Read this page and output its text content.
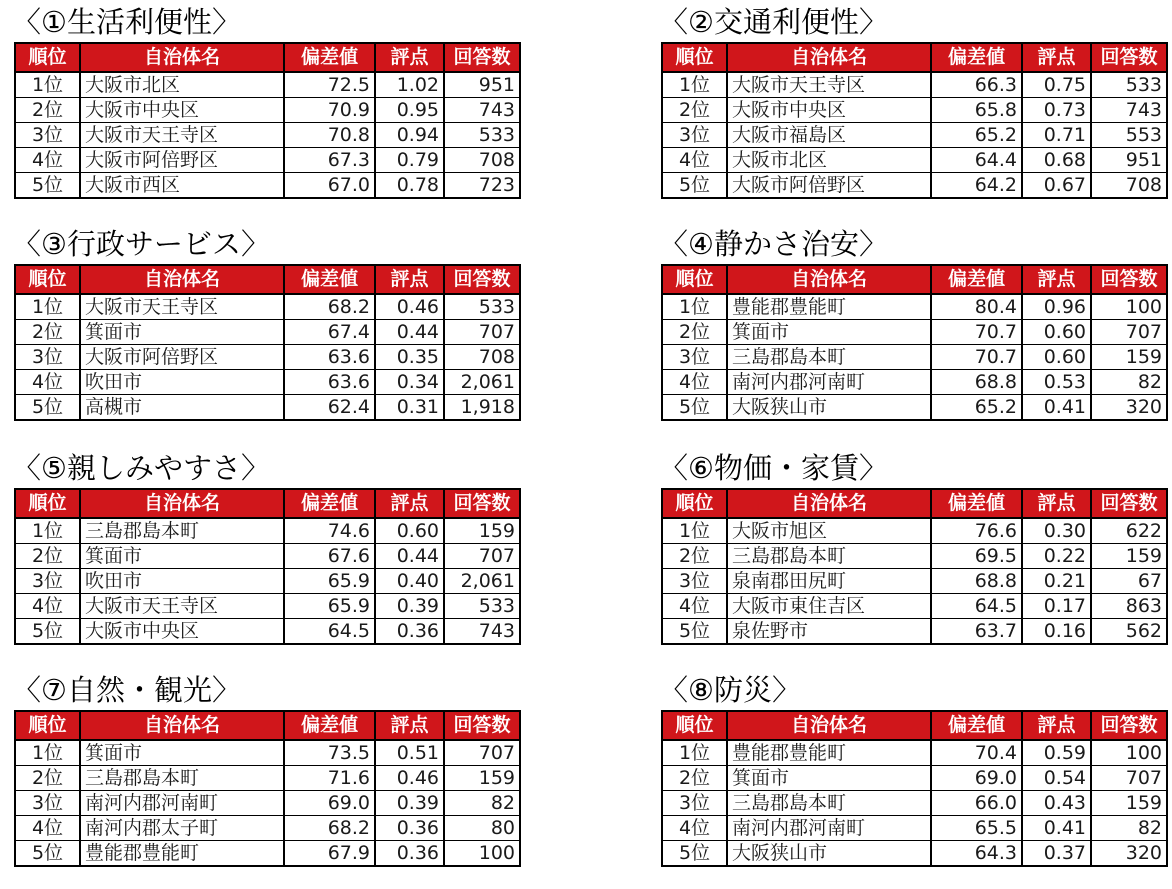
〈①生活利便性〉
順位	自治体名	偏差値	評点	回答数
1位	大阪市北区	72.5	1.02	951
2位	大阪市中央区	70.9	0.95	743
3位	大阪市天王寺区	70.8	0.94	533
4位	大阪市阿倍野区	67.3	0.79	708
5位	大阪市西区	67.0	0.78	723
〈②交通利便性〉
順位	自治体名	偏差値	評点	回答数
1位	大阪市天王寺区	66.3	0.75	533
2位	大阪市中央区	65.8	0.73	743
3位	大阪市福島区	65.2	0.71	553
4位	大阪市北区	64.4	0.68	951
5位	大阪市阿倍野区	64.2	0.67	708
〈③行政サービス〉
順位	自治体名	偏差値	評点	回答数
1位	大阪市天王寺区	68.2	0.46	533
2位	箕面市	67.4	0.44	707
3位	大阪市阿倍野区	63.6	0.35	708
4位	吹田市	63.6	0.34	2,061
5位	高槻市	62.4	0.31	1,918
〈④静かさ治安〉
順位	自治体名	偏差値	評点	回答数
1位	豊能郡豊能町	80.4	0.96	100
2位	箕面市	70.7	0.60	707
3位	三島郡島本町	70.7	0.60	159
4位	南河内郡河南町	68.8	0.53	82
5位	大阪狭山市	65.2	0.41	320
〈⑤親しみやすさ〉
順位	自治体名	偏差値	評点	回答数
1位	三島郡島本町	74.6	0.60	159
2位	箕面市	67.6	0.44	707
3位	吹田市	65.9	0.40	2,061
4位	大阪市天王寺区	65.9	0.39	533
5位	大阪市中央区	64.5	0.36	743
〈⑥物価・家賃〉
順位	自治体名	偏差値	評点	回答数
1位	大阪市旭区	76.6	0.30	622
2位	三島郡島本町	69.5	0.22	159
3位	泉南郡田尻町	68.8	0.21	67
4位	大阪市東住吉区	64.5	0.17	863
5位	泉佐野市	63.7	0.16	562
〈⑦自然・観光〉
順位	自治体名	偏差値	評点	回答数
1位	箕面市	73.5	0.51	707
2位	三島郡島本町	71.6	0.46	159
3位	南河内郡河南町	69.0	0.39	82
4位	南河内郡太子町	68.2	0.36	80
5位	豊能郡豊能町	67.9	0.36	100
〈⑧防災〉
順位	自治体名	偏差値	評点	回答数
1位	豊能郡豊能町	70.4	0.59	100
2位	箕面市	69.0	0.54	707
3位	三島郡島本町	66.0	0.43	159
4位	南河内郡河南町	65.5	0.41	82
5位	大阪狭山市	64.3	0.37	320
